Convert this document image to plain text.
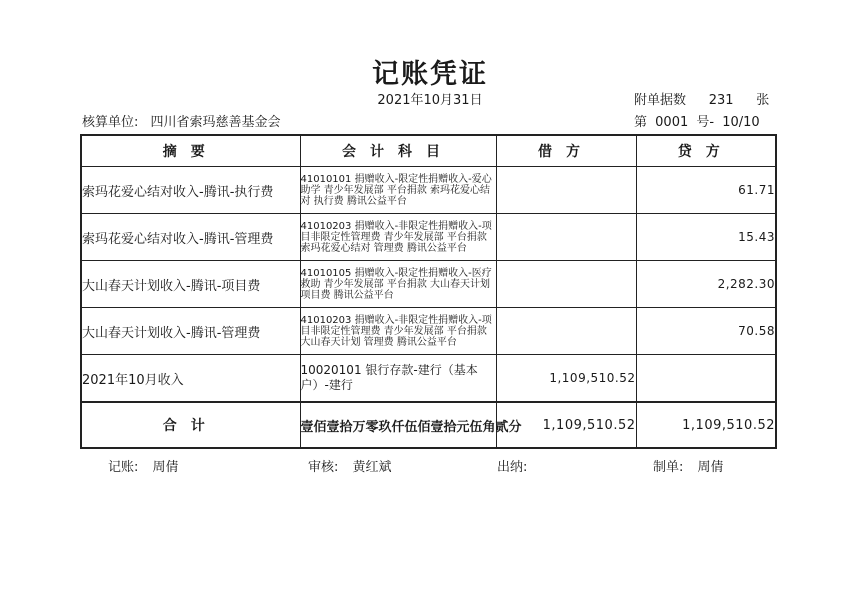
记账凭证
2021年10月31日	附单据数 231 张
核算单位: 四川省索玛慈善基金会	第 0001 号- 10/10
摘要	会计科目	借方	贷方
索玛花爱心结对收入-腾讯-执行费	41010101 捐赠收入-限定性捐赠收入-爱心助学 青少年发展部 平台捐款 索玛花爱心结对 执行费 腾讯公益平台		61.71
索玛花爱心结对收入-腾讯-管理费	41010203 捐赠收入-非限定性捐赠收入-项目非限定性管理费 青少年发展部 平台捐款 索玛花爱心结对 管理费 腾讯公益平台		15.43
大山春天计划收入-腾讯-项目费	41010105 捐赠收入-限定性捐赠收入-医疗救助 青少年发展部 平台捐款 大山春天计划 项目费 腾讯公益平台		2,282.30
大山春天计划收入-腾讯-管理费	41010203 捐赠收入-非限定性捐赠收入-项目非限定性管理费 青少年发展部 平台捐款 大山春天计划 管理费 腾讯公益平台		70.58
2021年10月收入	10020101 银行存款-建行（基本户）-建行	1,109,510.52	
合计	壹佰壹拾万零玖仟伍佰壹拾元伍角贰分	1,109,510.52	1,109,510.52
记账: 周倩	审核: 黄红斌	出纳:	制单: 周倩
